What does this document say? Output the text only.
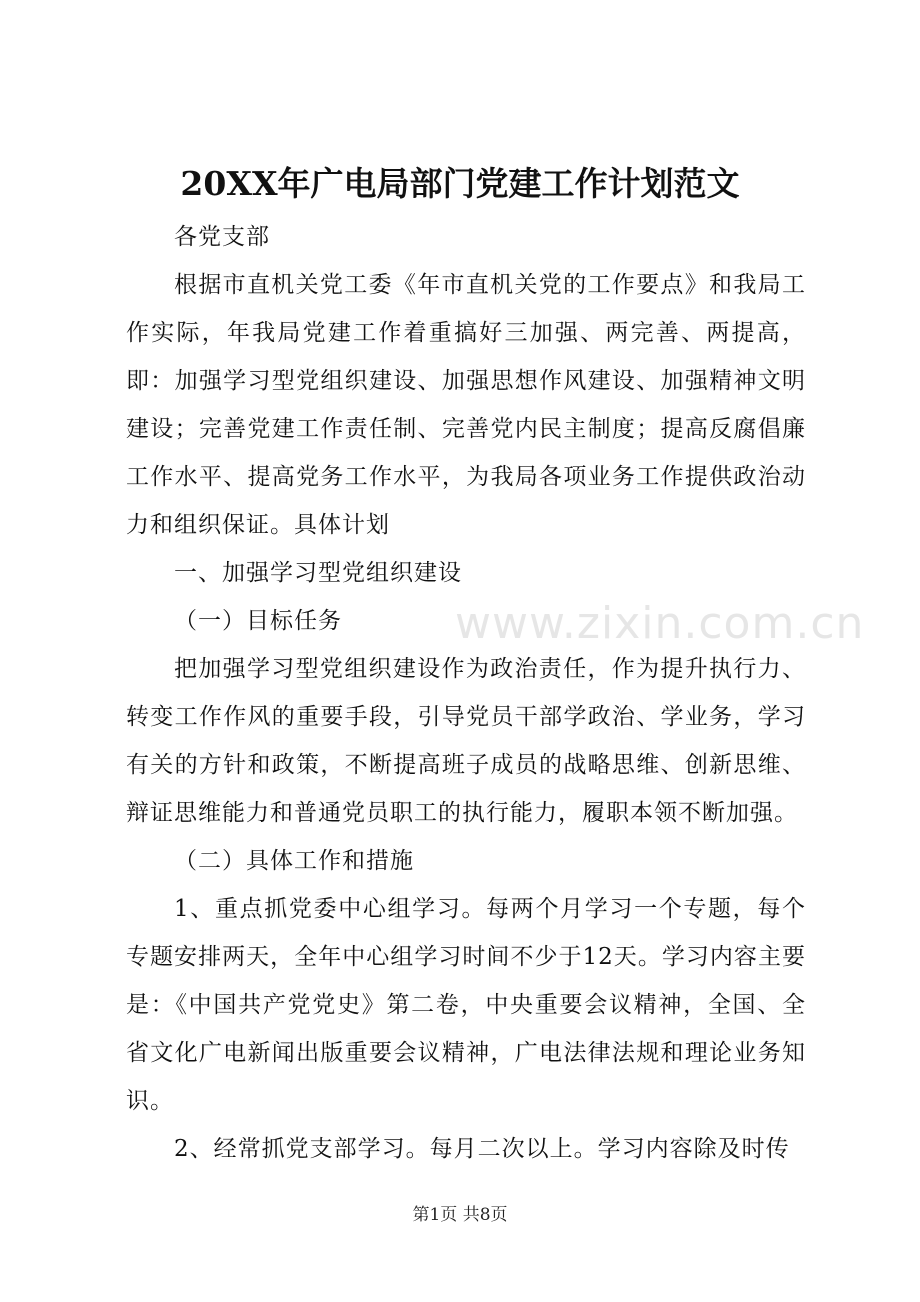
www.zixin.com.cn
20XX年广电局部门党建工作计划范文

各党支部

根据市直机关党工委《年市直机关党的工作要点》和我局工作实际，年我局党建工作着重搞好三加强、两完善、两提高，即：加强学习型党组织建设、加强思想作风建设、加强精神文明建设；完善党建工作责任制、完善党内民主制度；提高反腐倡廉工作水平、提高党务工作水平，为我局各项业务工作提供政治动力和组织保证。具体计划

一、加强学习型党组织建设

（一）目标任务

把加强学习型党组织建设作为政治责任，作为提升执行力、转变工作作风的重要手段，引导党员干部学政治、学业务，学习有关的方针和政策，不断提高班子成员的战略思维、创新思维、辩证思维能力和普通党员职工的执行能力，履职本领不断加强。

（二）具体工作和措施

1、重点抓党委中心组学习。每两个月学习一个专题，每个专题安排两天，全年中心组学习时间不少于12天。学习内容主要是：《中国共产党党史》第二卷，中央重要会议精神，全国、全省文化广电新闻出版重要会议精神，广电法律法规和理论业务知识。

2、经常抓党支部学习。每月二次以上。学习内容除及时传

第1页 共8页
